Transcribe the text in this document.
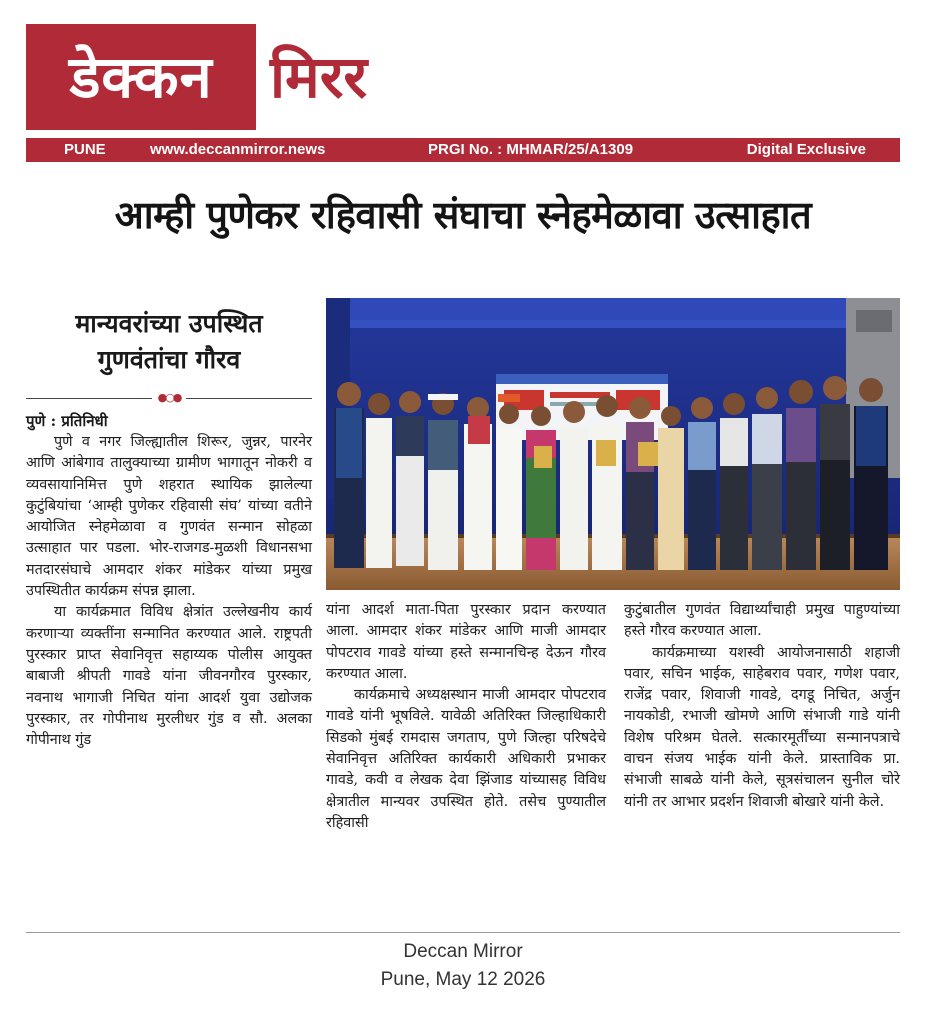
डेक्कन मिरर
PUNE	www.deccanmirror.news	PRGI No. : MHMAR/25/A1309	Digital Exclusive
आम्ही पुणेकर रहिवासी संघाचा स्नेहमेळावा उत्साहात
मान्यवरांच्या उपस्थित
गुणवंतांचा गौरव
●○●
पुणे : प्रतिनिधी

पुणे व नगर जिल्ह्यातील शिरूर, जुन्नर, पारनेर आणि आंबेगाव तालुक्याच्या ग्रामीण भागातून नोकरी व व्यवसायानिमित्त पुणे शहरात स्थायिक झालेल्या कुटुंबियांचा ‘आम्ही पुणेकर रहिवासी संघ’ यांच्या वतीने आयोजित स्नेहमेळावा व गुणवंत सन्मान सोहळा उत्साहात पार पडला. भोर-राजगड-मुळशी विधानसभा मतदारसंघाचे आमदार शंकर मांडेकर यांच्या प्रमुख उपस्थितीत कार्यक्रम संपन्न झाला.

या कार्यक्रमात विविध क्षेत्रांत उल्लेखनीय कार्य करणाऱ्या व्यक्तींना सन्मानित करण्यात आले. राष्ट्रपती पुरस्कार प्राप्त सेवानिवृत्त सहाय्यक पोलीस आयुक्त बाबाजी श्रीपती गावडे यांना जीवनगौरव पुरस्कार, नवनाथ भागाजी निचित यांना आदर्श युवा उद्योजक पुरस्कार, तर गोपीनाथ मुरलीधर गुंड व सौ. अलका गोपीनाथ गुंड

यांना आदर्श माता-पिता पुरस्कार प्रदान करण्यात आला. आमदार शंकर मांडेकर आणि माजी आमदार पोपटराव गावडे यांच्या हस्ते सन्मानचिन्ह देऊन गौरव करण्यात आला.

कार्यक्रमाचे अध्यक्षस्थान माजी आमदार पोपटराव गावडे यांनी भूषविले. यावेळी अतिरिक्त जिल्हाधिकारी सिडको मुंबई रामदास जगताप, पुणे जिल्हा परिषदेचे सेवानिवृत्त अतिरिक्त कार्यकारी अधिकारी प्रभाकर गावडे, कवी व लेखक देवा झिंजाड यांच्यासह विविध क्षेत्रातील मान्यवर उपस्थित होते. तसेच पुण्यातील रहिवासी

कुटुंबातील गुणवंत विद्यार्थ्यांचाही प्रमुख पाहुण्यांच्या हस्ते गौरव करण्यात आला.

कार्यक्रमाच्या यशस्वी आयोजनासाठी शहाजी पवार, सचिन भाईक, साहेबराव पवार, गणेश पवार, राजेंद्र पवार, शिवाजी गावडे, दगडू निचित, अर्जुन नायकोडी, रभाजी खोमणे आणि संभाजी गाडे यांनी विशेष परिश्रम घेतले. सत्कारमूर्तींच्या सन्मानपत्राचे वाचन संजय भाईक यांनी केले. प्रास्ताविक प्रा. संभाजी साबळे यांनी केले, सूत्रसंचालन सुनील चोरे यांनी तर आभार प्रदर्शन शिवाजी बोखारे यांनी केले.

Deccan Mirror
Pune, May 12 2026
